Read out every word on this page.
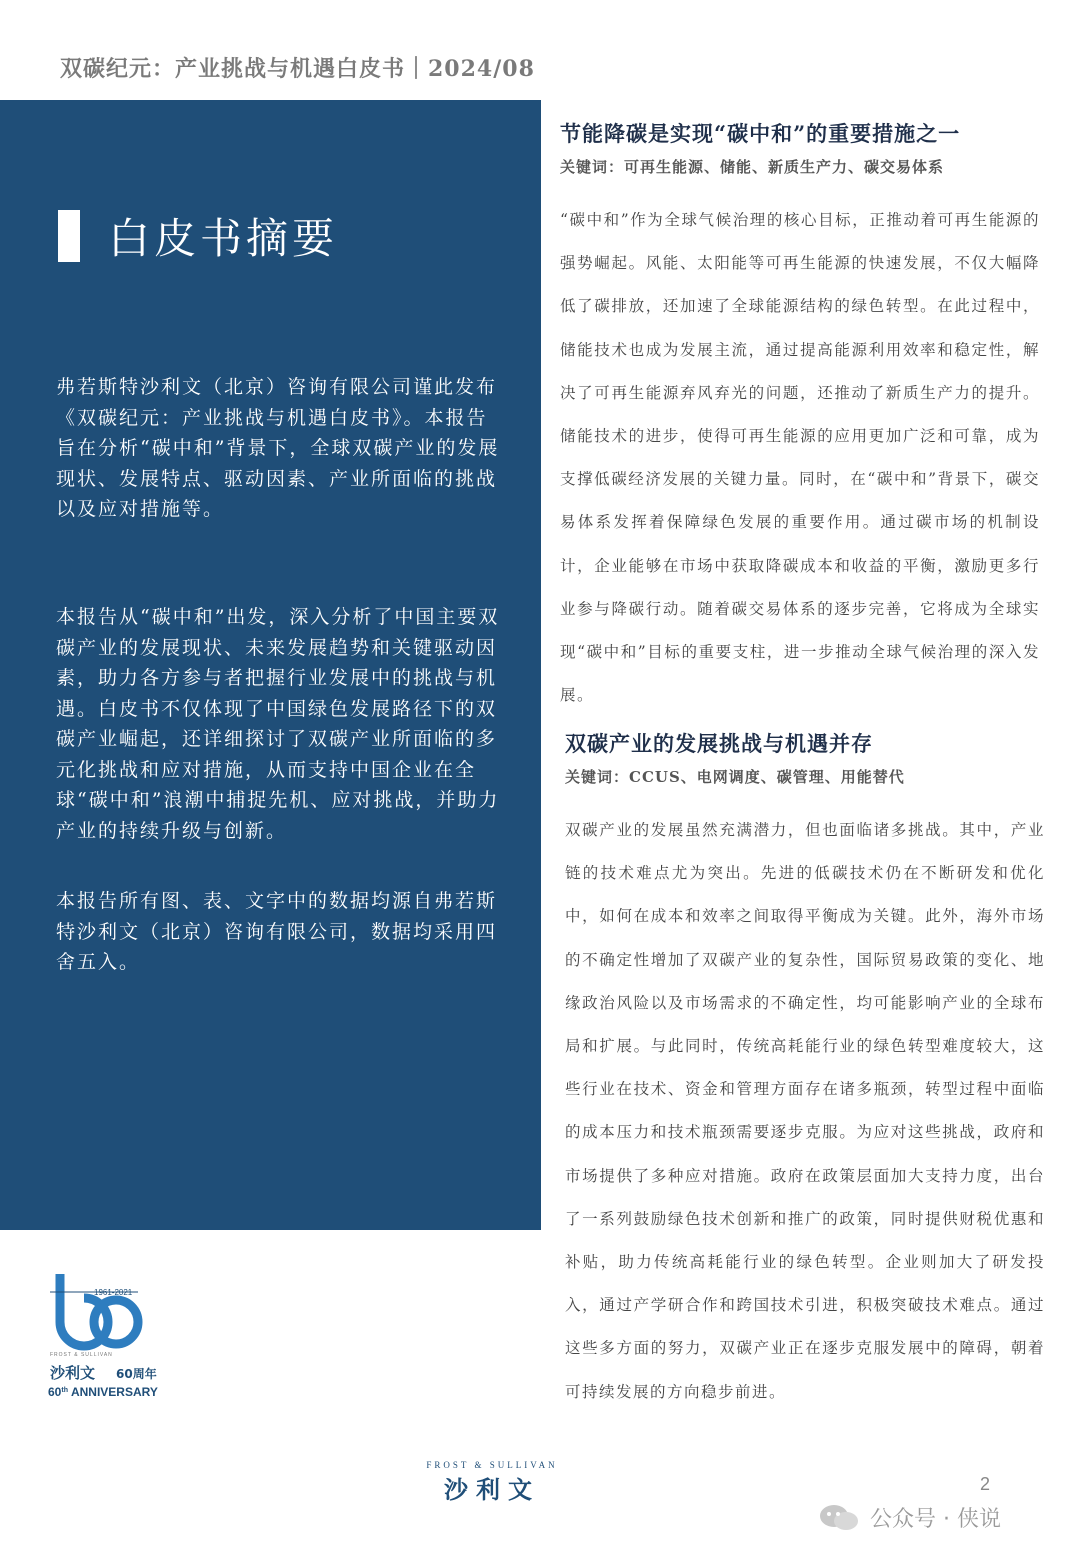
双碳纪元：产业挑战与机遇白皮书｜2024/08
白皮书摘要

弗若斯特沙利文（北京）咨询有限公司谨此发布《双碳纪元：产业挑战与机遇白皮书》。本报告旨在分析“碳中和”背景下，全球双碳产业的发展现状、发展特点、驱动因素、产业所面临的挑战以及应对措施等。

本报告从“碳中和”出发，深入分析了中国主要双碳产业的发展现状、未来发展趋势和关键驱动因素，助力各方参与者把握行业发展中的挑战与机遇。白皮书不仅体现了中国绿色发展路径下的双碳产业崛起，还详细探讨了双碳产业所面临的多元化挑战和应对措施，从而支持中国企业在全球“碳中和”浪潮中捕捉先机、应对挑战，并助力产业的持续升级与创新。

本报告所有图、表、文字中的数据均源自弗若斯特沙利文（北京）咨询有限公司，数据均采用四舍五入。

节能降碳是实现“碳中和”的重要措施之一

关键词：可再生能源、储能、新质生产力、碳交易体系

“碳中和”作为全球气候治理的核心目标，正推动着可再生能源的强势崛起。风能、太阳能等可再生能源的快速发展，不仅大幅降低了碳排放，还加速了全球能源结构的绿色转型。在此过程中，储能技术也成为发展主流，通过提高能源利用效率和稳定性，解决了可再生能源弃风弃光的问题，还推动了新质生产力的提升。储能技术的进步，使得可再生能源的应用更加广泛和可靠，成为支撑低碳经济发展的关键力量。同时，在“碳中和”背景下，碳交易体系发挥着保障绿色发展的重要作用。通过碳市场的机制设计，企业能够在市场中获取降碳成本和收益的平衡，激励更多行业参与降碳行动。随着碳交易体系的逐步完善，它将成为全球实现“碳中和”目标的重要支柱，进一步推动全球气候治理的深入发展。

双碳产业的发展挑战与机遇并存

关键词：CCUS、电网调度、碳管理、用能替代

双碳产业的发展虽然充满潜力，但也面临诸多挑战。其中，产业链的技术难点尤为突出。先进的低碳技术仍在不断研发和优化中，如何在成本和效率之间取得平衡成为关键。此外，海外市场的不确定性增加了双碳产业的复杂性，国际贸易政策的变化、地缘政治风险以及市场需求的不确定性，均可能影响产业的全球布局和扩展。与此同时，传统高耗能行业的绿色转型难度较大，这些行业在技术、资金和管理方面存在诸多瓶颈，转型过程中面临的成本压力和技术瓶颈需要逐步克服。为应对这些挑战，政府和市场提供了多种应对措施。政府在政策层面加大支持力度，出台了一系列鼓励绿色技术创新和推广的政策，同时提供财税优惠和补贴，助力传统高耗能行业的绿色转型。企业则加大了研发投入，通过产学研合作和跨国技术引进，积极突破技术难点。通过这些多方面的努力，双碳产业正在逐步克服发展中的障碍，朝着可持续发展的方向稳步前进。

1961-2021
FROST & SULLIVAN
沙利文 60周年
60th ANNIVERSARY
FROST & SULLIVAN
沙利文	2
公众号 · 侠说
